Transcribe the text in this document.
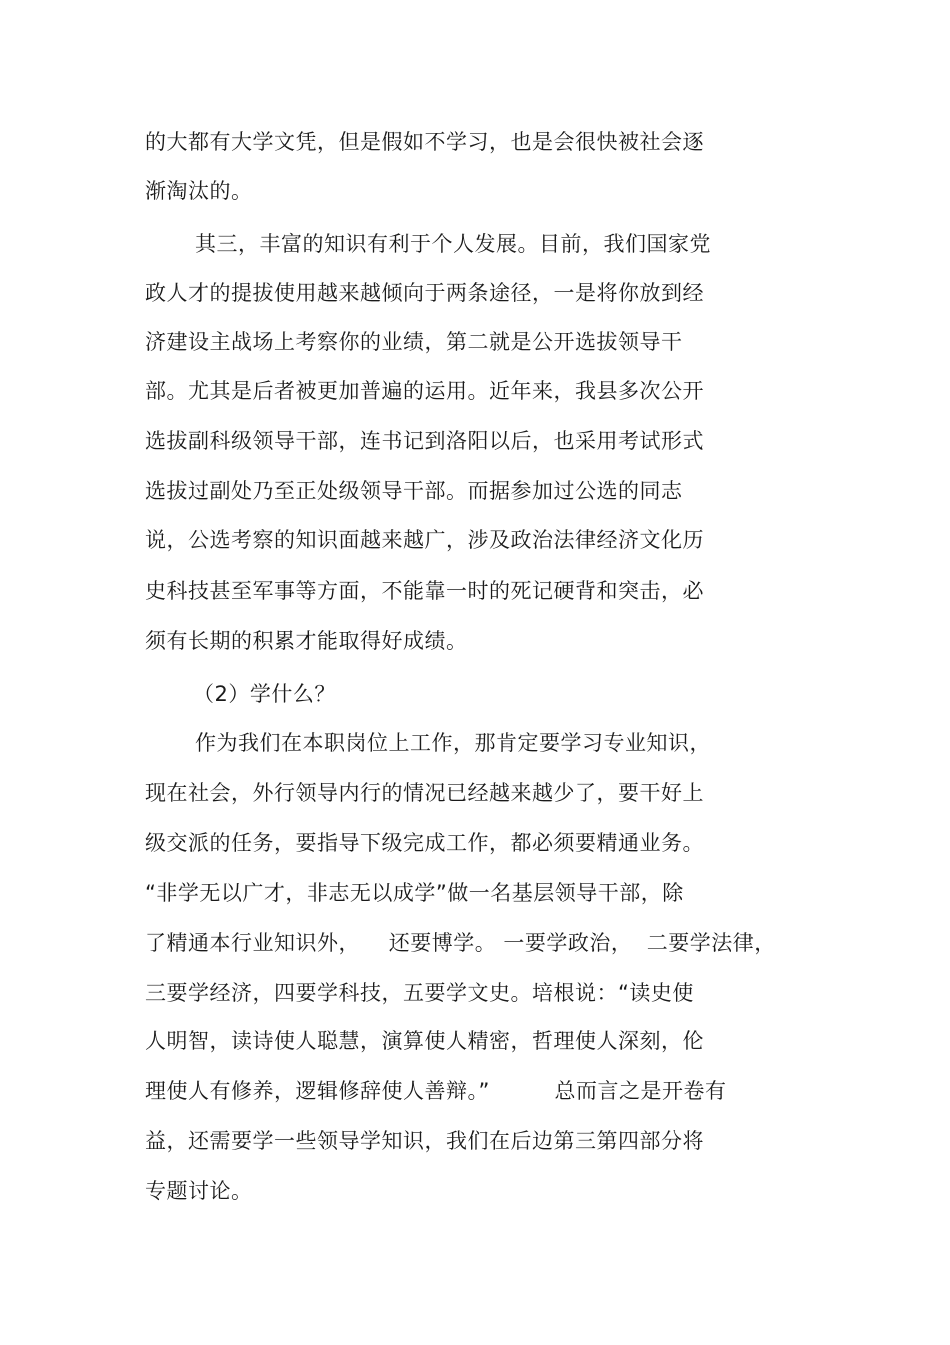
的大都有大学文凭，但是假如不学习，也是会很快被社会逐
渐淘汰的。
其三，丰富的知识有利于个人发展。目前，我们国家党
政人才的提拔使用越来越倾向于两条途径，一是将你放到经
济建设主战场上考察你的业绩，第二就是公开选拔领导干
部。尤其是后者被更加普遍的运用。近年来，我县多次公开
选拔副科级领导干部，连书记到洛阳以后，也采用考试形式
选拔过副处乃至正处级领导干部。而据参加过公选的同志
说，公选考察的知识面越来越广，涉及政治法律经济文化历
史科技甚至军事等方面，不能靠一时的死记硬背和突击，必
须有长期的积累才能取得好成绩。
（2）学什么？
作为我们在本职岗位上工作，那肯定要学习专业知识，
现在社会，外行领导内行的情况已经越来越少了，要干好上
级交派的任务，要指导下级完成工作，都必须要精通业务。
“非学无以广才，非志无以成学”做一名基层领导干部，除
了精通本行业知识外，    还要博学。 一要学政治，  二要学法律，
三要学经济，四要学科技，五要学文史。培根说：“读史使
人明智，读诗使人聪慧，演算使人精密，哲理使人深刻，伦
理使人有修养，逻辑修辞使人善辩。”         总而言之是开卷有
益，还需要学一些领导学知识，我们在后边第三第四部分将
专题讨论。
